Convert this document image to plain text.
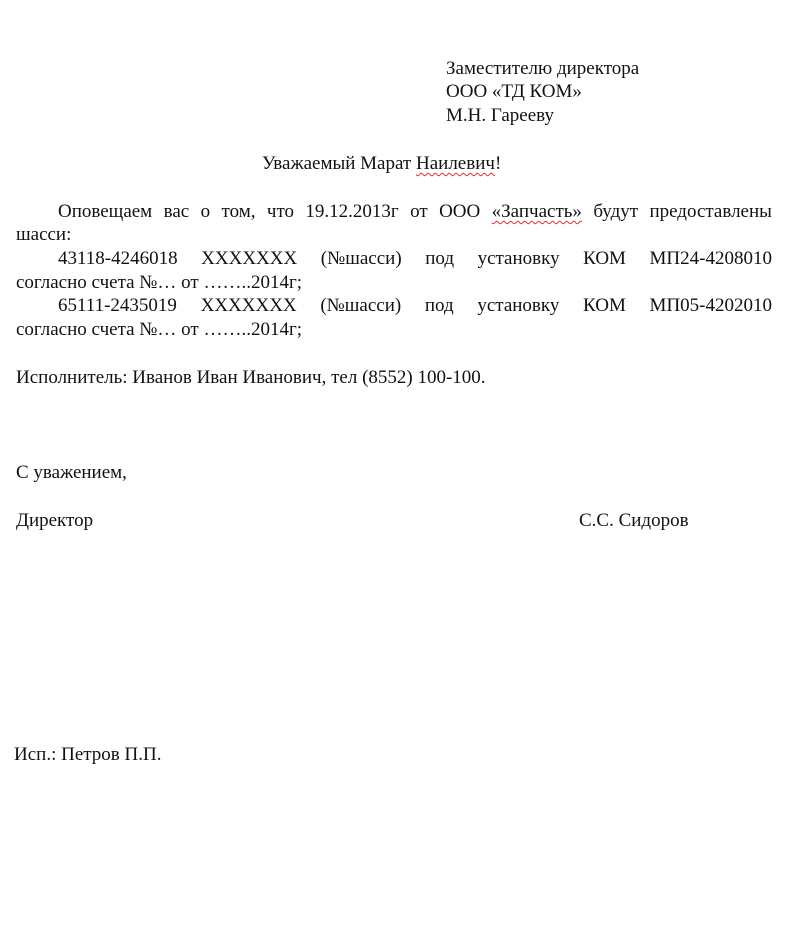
Заместителю директора
ООО «ТД КОМ»
М.Н. Гарееву
Уважаемый Марат Наилевич!
Оповещаем вас о том, что 19.12.2013г от ООО «Запчасть» будут предоставлены
шасси:
43118-4246018 XXXXXXX (№шасси) под установку КОМ МП24-4208010
согласно счета №… от ……..2014г;
65111-2435019 XXXXXXX (№шасси) под установку КОМ МП05-4202010
согласно счета №… от ……..2014г;
Исполнитель: Иванов Иван Иванович, тел (8552) 100-100.
С уважением,
Директор	С.С. Сидоров
Исп.: Петров П.П.
